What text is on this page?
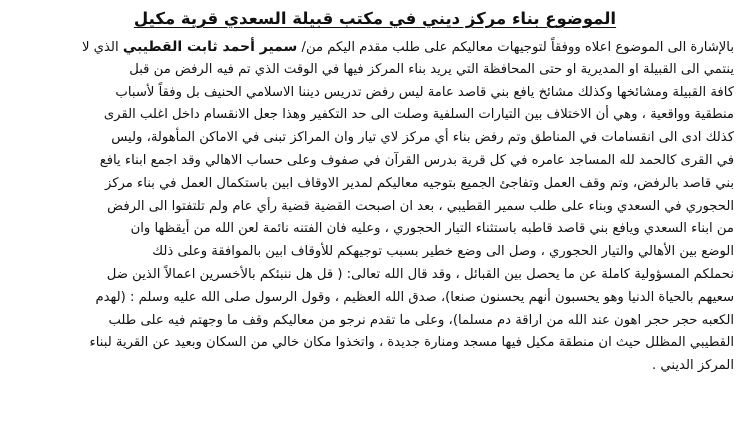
الموضوع بناء مركز ديني في مكتب قبيلة السعدي قرية مكيل
بالإشارة الى الموضوع اعلاه ووفقاً لتوجيهات معاليكم على طلب مقدم اليكم من/ سمير أحمد ثابت القطيبي الذي لا
ينتمي الى القبيلة او المديرية او حتى المحافظة التي يريد بناء المركز فيها في الوقت الذي تم فيه الرفض من قبل
كافة القبيلة ومشائخها وكذلك مشائخ يافع بني قاصد عامة ليس رفض تدريس ديننا الاسلامي الحنيف بل وفقاً لأسباب
منطقية وواقعية ، وهي أن الاختلاف بين التيارات السلفية وصلت الى حد التكفير وهذا جعل الانقسام داخل اغلب القرى
كذلك ادى الى انقسامات في المناطق وتم رفض بناء أي مركز لاي تيار وان المراكز تبنى في الاماكن المأهولة، وليس
في القرى كالحمد لله المساجد عامره في كل قرية بدرس القرآن في صفوف وعلى حساب الاهالي وقد اجمع ابناء يافع
بني قاصد بالرفض، وتم وقف العمل وتفاجئ الجميع بتوجيه معاليكم لمدير الاوقاف ابين باستكمال العمل في بناء مركز
الحجوري في السعدي وبناء على طلب سمير القطيبي ، بعد ان اصبحت القضية قضية رأي عام ولم تلتفتوا الى الرفض
من ابناء السعدي ويافع بني قاصد قاطبه باستثناء التيار الحجوري ، وعليه فان الفتنه نائمة لعن الله من أيقظها وان
الوضع بين الأهالي والتيار الحجوري ، وصل الى وضع خطير بسبب توجيهكم للأوقاف ابين بالموافقة وعلى ذلك
نحملكم المسؤولية كاملة عن ما يحصل بين القبائل ، وقد قال الله تعالى: ( قل هل ننبئكم بالأخسرين اعمالاً الذين ضل
سعيهم بالحياة الدنيا وهو يحسبون أنهم يحسنون صنعا)، صدق الله العظيم ، وقول الرسول صلى الله عليه وسلم : (لهدم
الكعبه حجر حجر اهون عند الله من اراقة دم مسلما)، وعلى ما تقدم نرجو من معاليكم وقف ما وجهتم فيه على طلب
القطيبي المظلل حيث ان منطقة مكيل فيها مسجد ومنارة جديدة ، واتخذوا مكان خالي من السكان وبعيد عن القرية لبناء
المركز الديني .
